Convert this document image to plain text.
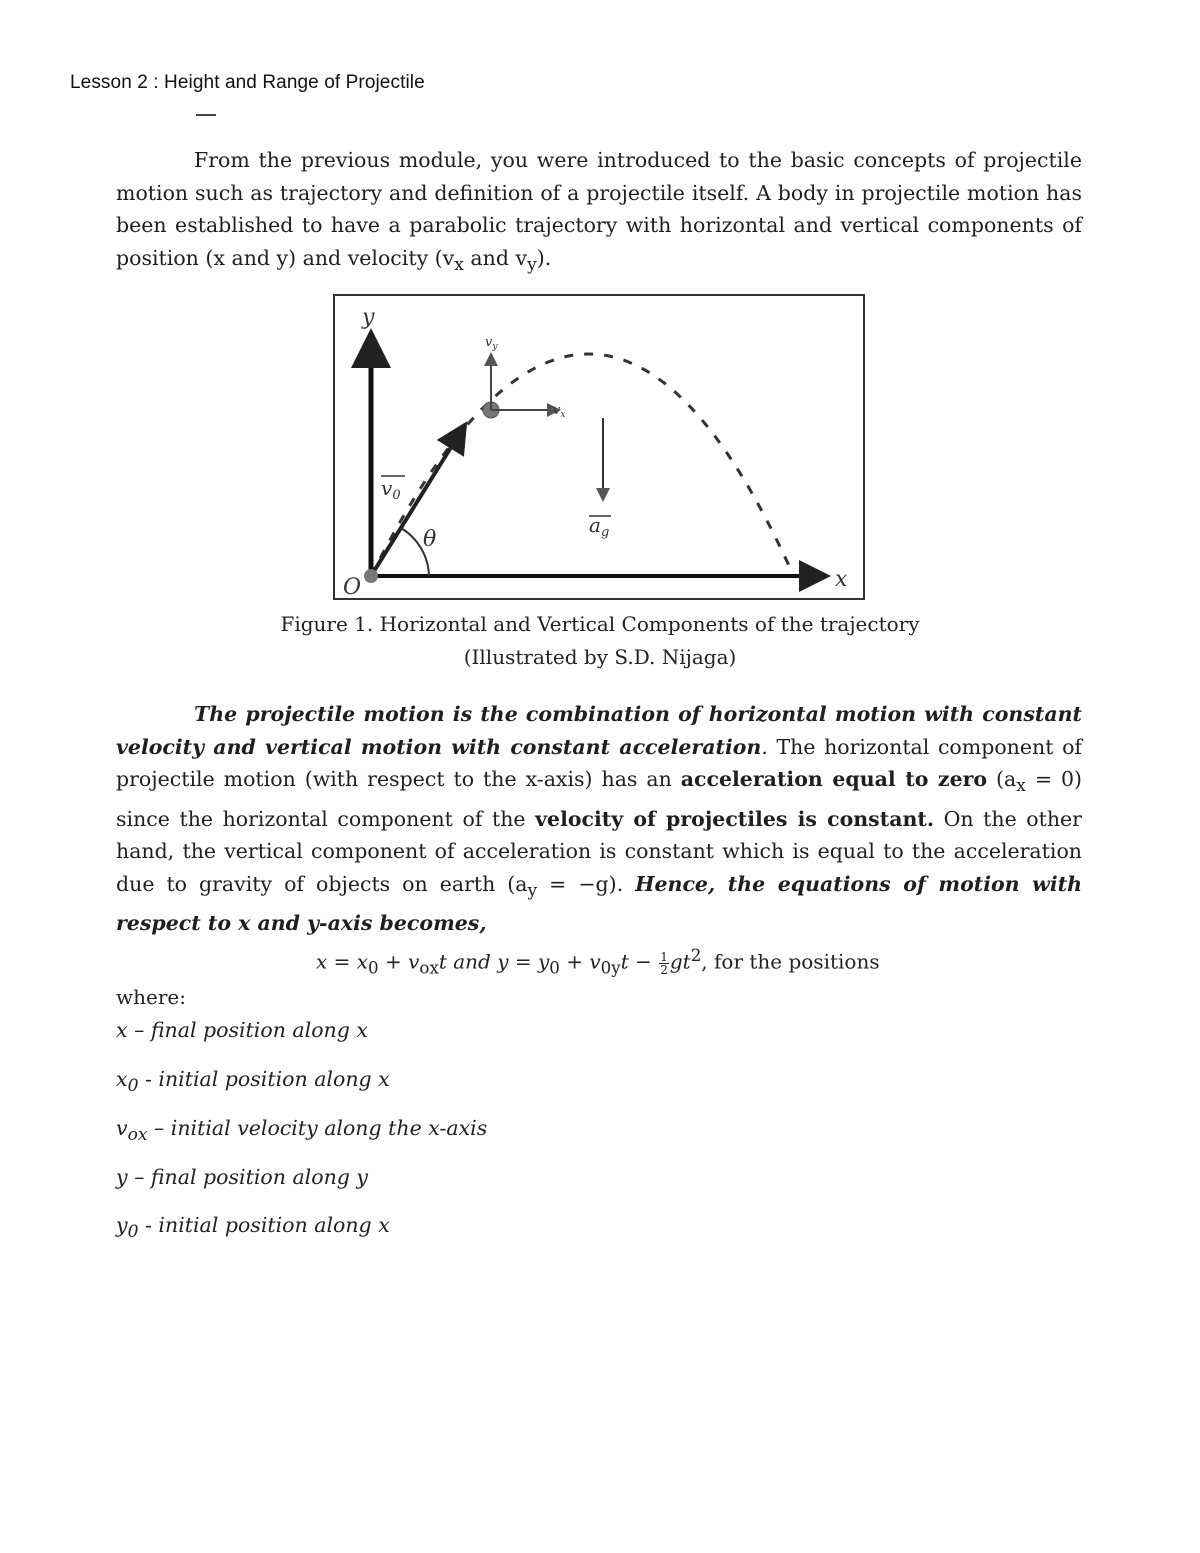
Lesson 2 : Height and Range of Projectile
From the previous module, you were introduced to the basic concepts of projectile motion such as trajectory and definition of a projectile itself. A body in projectile motion has been established to have a parabolic trajectory with horizontal and vertical components of position (x and y) and velocity ($v_x$ and $v_y$).
y
x
O
$v_0$
θ
$v_y$
$v_x$
$a_g$
Figure 1. Horizontal and Vertical Components of the trajectory
(Illustrated by S.D. Nijaga)
The projectile motion is the combination of horizontal motion with constant velocity and vertical motion with constant acceleration. The horizontal component of projectile motion (with respect to the x-axis) has an acceleration equal to zero $(a_x = 0)$ since the horizontal component of the velocity of projectiles is constant. On the other hand, the vertical component of acceleration is constant which is equal to the acceleration due to gravity of objects on earth $(a_y = -g)$. Hence, the equations of motion with respect to x and y-axis becomes,
$x = x_0 + v_{ox}t$ and $y = y_0 + v_{0y}t - \frac{1}{2} gt^2$, for the positions
where:
x – final position along x
$x_0$ - initial position along x
$v_{ox}$ – initial velocity along the x-axis
y – final position along y
$y_0$ - initial position along x
